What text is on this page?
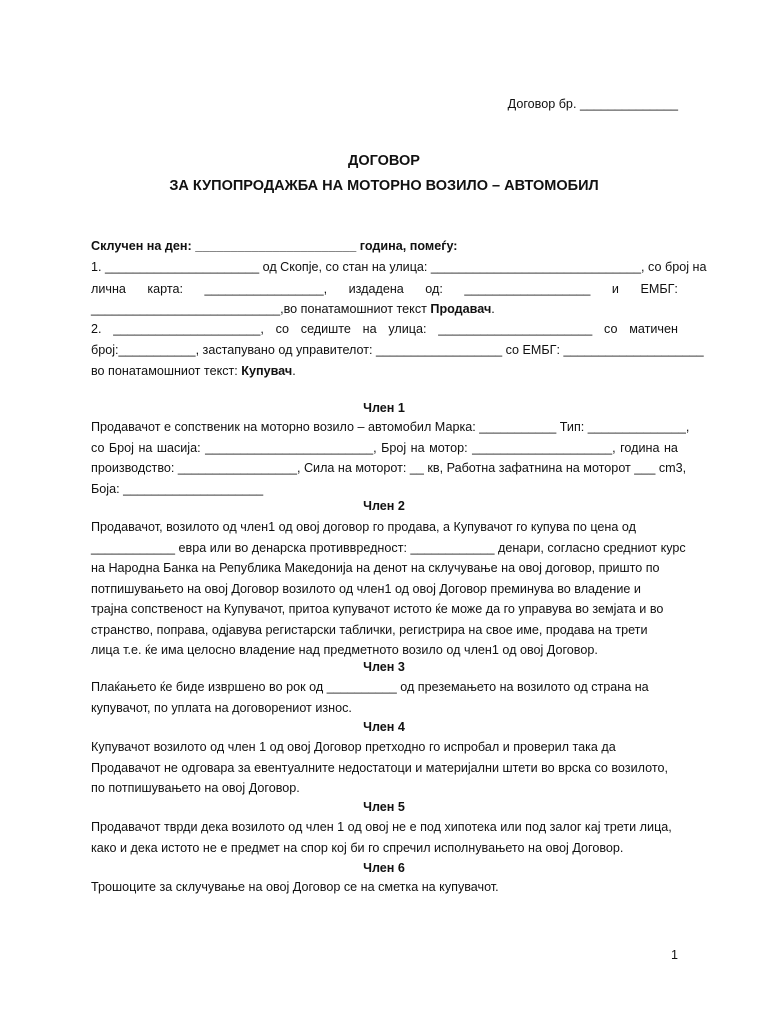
Договор бр. ______________
ДОГОВОР
ЗА КУПОПРОДАЖБА НА МОТОРНО ВОЗИЛО – АВТОМОБИЛ
Склучен на ден: _______________________ година, помеѓу:
1. ______________________ од Скопје, со стан на улица: ______________________________, со број на
лична карта: _________________, издадена од: __________________ и ЕМБГ:
___________________________,во понатамошниот текст Продавач.
2. _____________________, со седиште на улица: ______________________ со матичен
број:___________, застапувано од управителот: __________________ со ЕМБГ: ____________________
во понатамошниот текст: Купувач.
Член 1
Продавачот е сопственик на моторно возило – автомобил Марка: ___________ Тип: ______________,
со Број на шасија: ________________________, Број на мотор: ____________________, година на
производство: _________________, Сила на моторот: __ кв, Работна зафатнина на моторот ___ cm3,
Боја: ____________________
Член 2
Продавачот, возилото од член1 од овој договор го продава, а Купувачот го купува по цена од
____________ евра или во денарска противвредност: ____________ денари, согласно средниот курс
на Народна Банка на Република Македонија на денот на склучување на овој договор, пришто по
потпишувањето на овој Договор возилото од член1 од овој Договор преминува во владение и
трајна сопственост на Купувачот, притоа купувачот истото ќе може да го управува во земјата и во
странство, поправа, одјавува регистарски таблички, регистрира на свое име, продава на трети
лица т.е. ќе има целосно владение над предметното возило од член1 од овој Договор.
Член 3
Плаќањето ќе биде извршено во рок од __________ од преземањето на возилото од страна на
купувачот, по уплата на договорениот износ.
Член 4
Купувачот возилото од член 1 од овој Договор претходно го испробал и проверил така да
Продавачот не одговара за евентуалните недостатоци и материјални штети во врска со возилото,
по потпишувањето на овој Договор.
Член 5
Продавачот тврди дека возилото од член 1 од овој не е под хипотека или под залог кај трети лица,
како и дека истото не е предмет на спор кој би го спречил исполнувањето на овој Договор.
Член 6
Трошоците за склучување на овој Договор се на сметка на купувачот.
1
